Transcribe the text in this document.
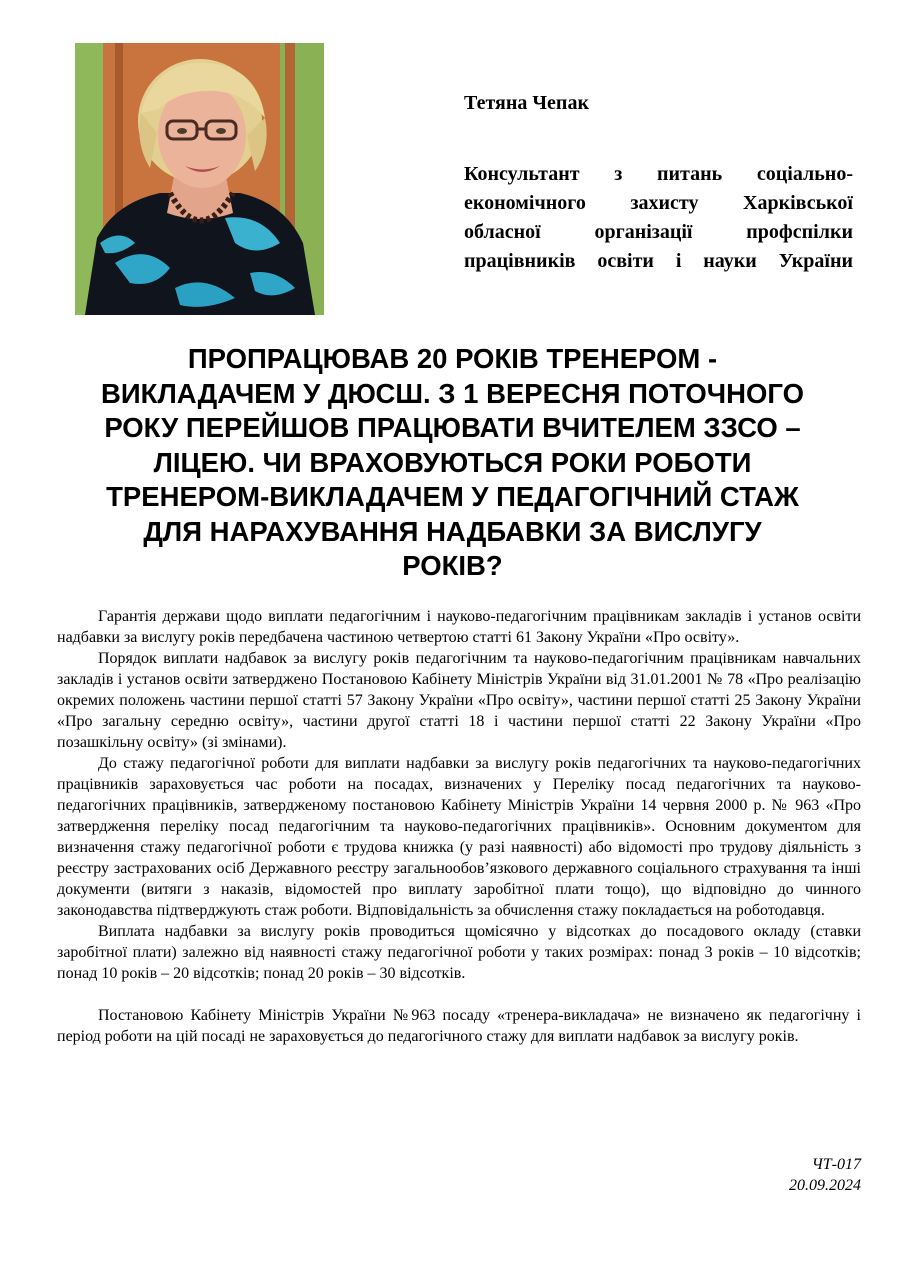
Тетяна Чепак
Консультант з питань соціально-економічного захисту Харківської обласної організації профспілки працівників освіти і науки України
ПРОПРАЦЮВАВ 20 РОКІВ ТРЕНЕРОМ -
ВИКЛАДАЧЕМ У ДЮСШ. З 1 ВЕРЕСНЯ ПОТОЧНОГО
РОКУ ПЕРЕЙШОВ ПРАЦЮВАТИ ВЧИТЕЛЕМ ЗЗСО –
ЛІЦЕЮ. ЧИ ВРАХОВУЮТЬСЯ РОКИ РОБОТИ
ТРЕНЕРОМ-ВИКЛАДАЧЕМ У ПЕДАГОГІЧНИЙ СТАЖ
ДЛЯ НАРАХУВАННЯ НАДБАВКИ ЗА ВИСЛУГУ
РОКІВ?

Гарантія держави щодо виплати педагогічним і науково-педагогічним працівникам закладів і установ освіти надбавки за вислугу років передбачена частиною четвертою статті 61 Закону України «Про освіту».

Порядок виплати надбавок за вислугу років педагогічним та науково-педагогічним працівникам навчальних закладів і установ освіти затверджено Постановою Кабінету Міністрів України від 31.01.2001 № 78 «Про реалізацію окремих положень частини першої статті 57 Закону України «Про освіту», частини першої статті 25 Закону України «Про загальну середню освіту», частини другої статті 18 і частини першої статті 22 Закону України «Про позашкільну освіту» (зі змінами).

До стажу педагогічної роботи для виплати надбавки за вислугу років педагогічних та науково-педагогічних працівників зараховується час роботи на посадах, визначених у Переліку посад педагогічних та науково-педагогічних працівників, затвердженому постановою Кабінету Міністрів України 14 червня 2000 р. № 963 «Про затвердження переліку посад педагогічним та науково-педагогічних працівників». Основним документом для визначення стажу педагогічної роботи є трудова книжка (у разі наявності) або відомості про трудову діяльність з реєстру застрахованих осіб Державного реєстру загальнообов’язкового державного соціального страхування та інші документи (витяги з наказів, відомостей про виплату заробітної плати тощо), що відповідно до чинного законодавства підтверджують стаж роботи. Відповідальність за обчислення стажу покладається на роботодавця.

Виплата надбавки за вислугу років проводиться щомісячно у відсотках до посадового окладу (ставки заробітної плати) залежно від наявності стажу педагогічної роботи у таких розмірах: понад 3 років – 10 відсотків; понад 10 років – 20 відсотків; понад 20 років – 30 відсотків.

Постановою Кабінету Міністрів України №963 посаду «тренера-викладача» не визначено як педагогічну і період роботи на цій посаді не зараховується до педагогічного стажу для виплати надбавок за вислугу років.

ЧТ-017
20.09.2024
